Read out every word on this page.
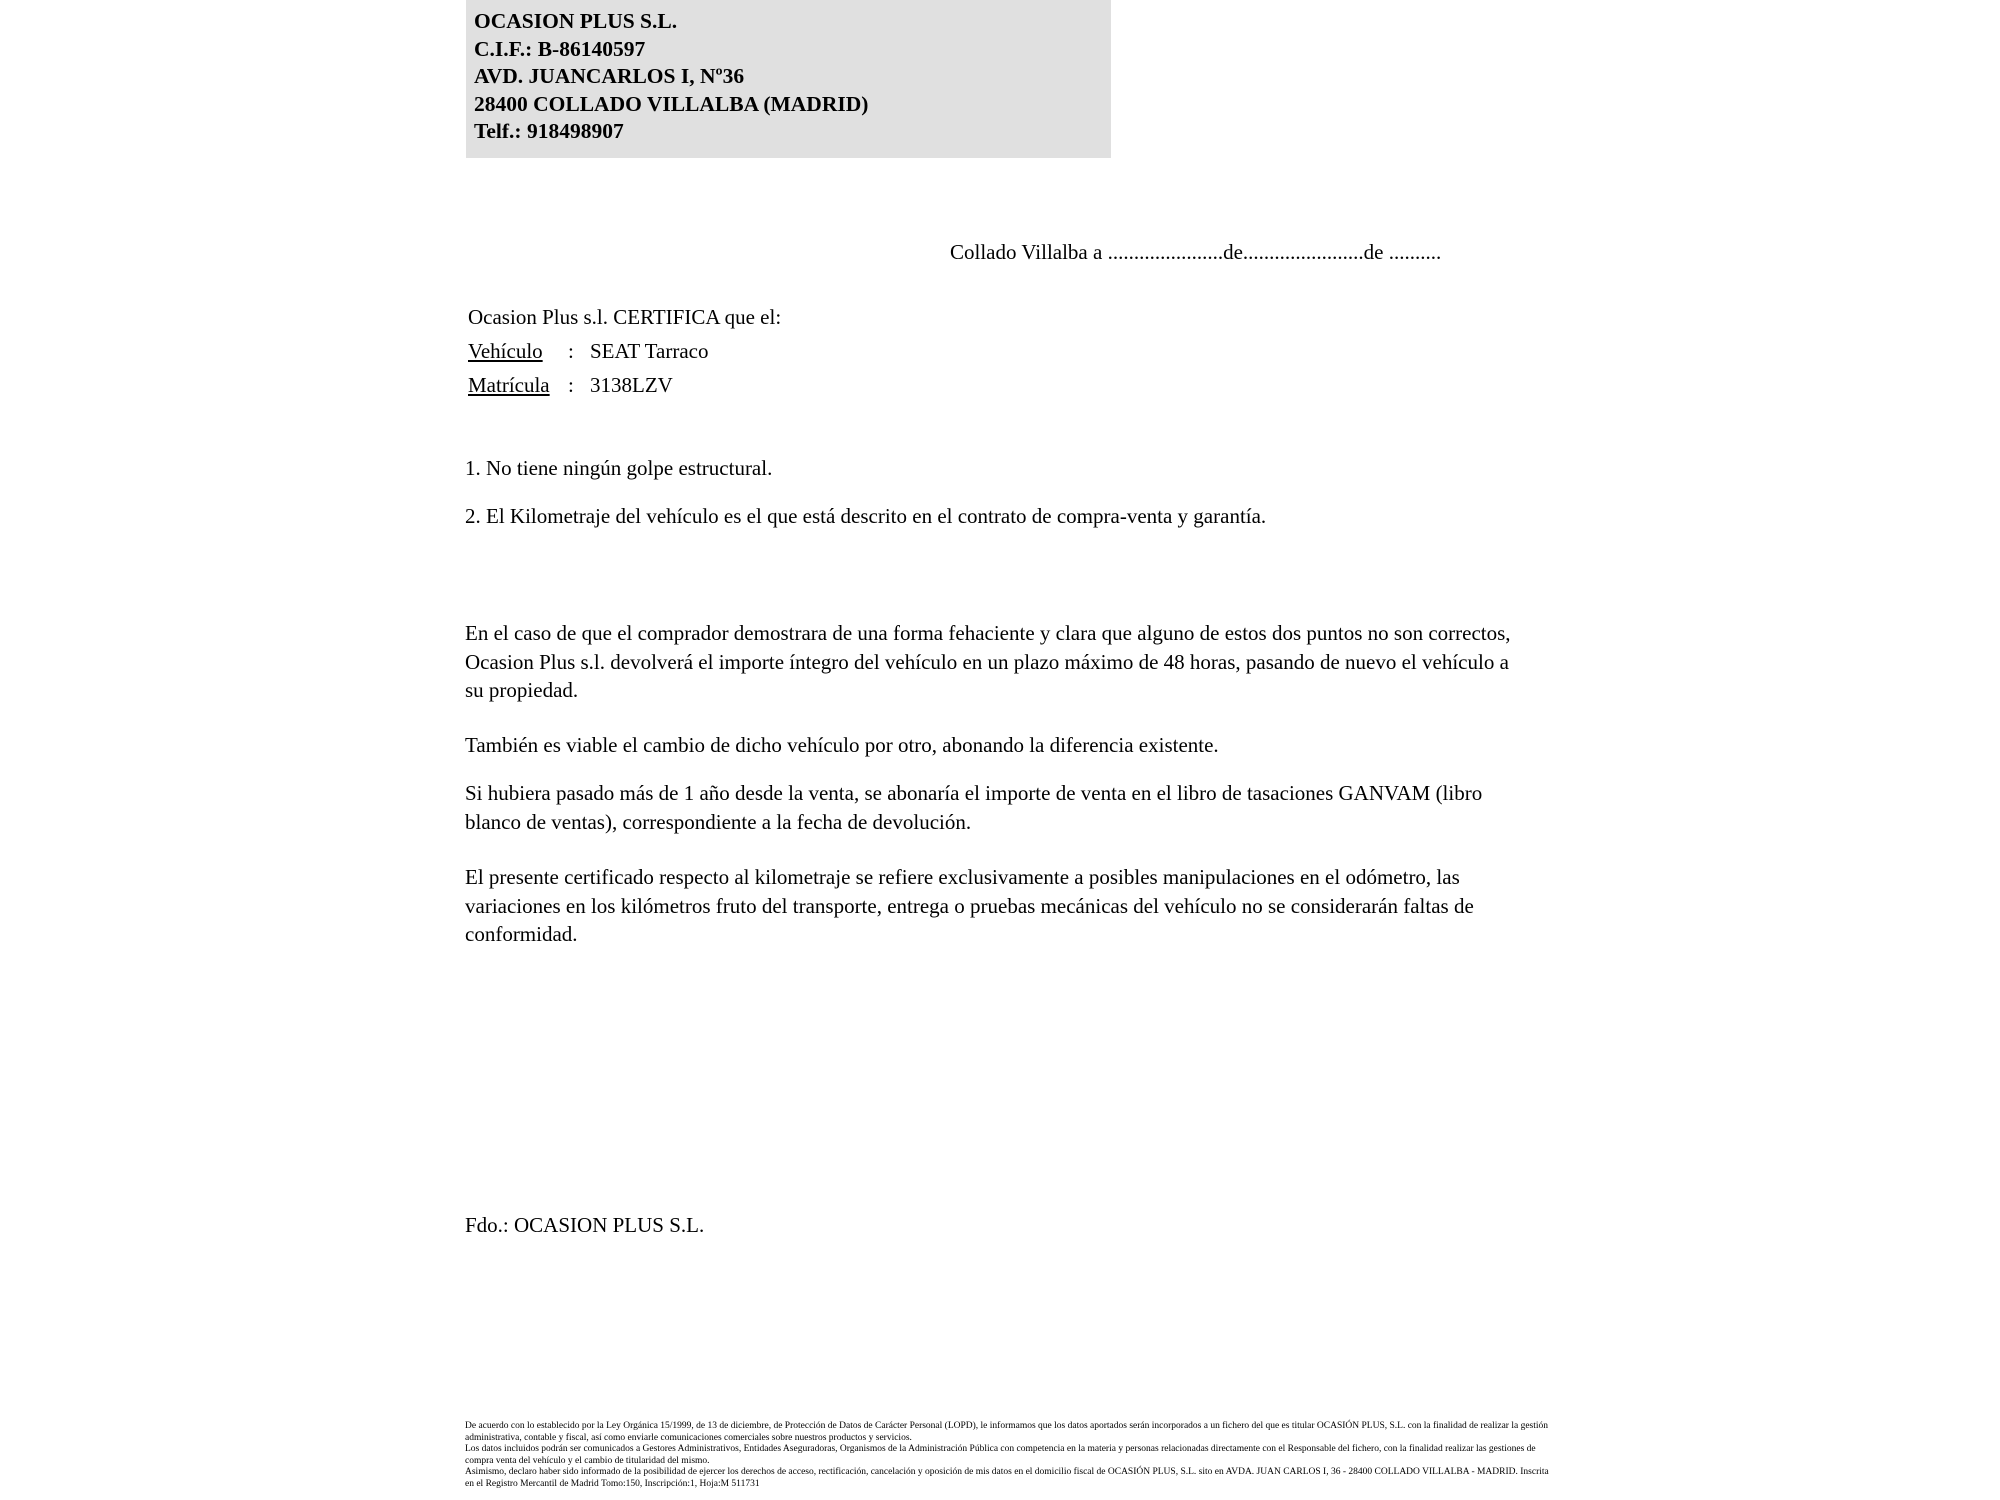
OCASION PLUS S.L.
C.I.F.: B-86140597
AVD. JUANCARLOS I, Nº36
28400 COLLADO VILLALBA (MADRID)
Telf.: 918498907
Collado Villalba a ......................de.......................de ..........
Ocasion Plus s.l. CERTIFICA que el:
Vehículo	: SEAT Tarraco
Matrícula : 3138LZV
1. No tiene ningún golpe estructural.
2. El Kilometraje del vehículo es el que está descrito en el contrato de compra-venta y garantía.
En el caso de que el comprador demostrara de una forma fehaciente y clara que alguno de estos dos puntos no son correctos, Ocasion Plus s.l. devolverá el importe íntegro del vehículo en un plazo máximo de 48 horas, pasando de nuevo el vehículo a su propiedad.
También es viable el cambio de dicho vehículo por otro, abonando la diferencia existente.
Si hubiera pasado más de 1 año desde la venta, se abonaría el importe de venta en el libro de tasaciones GANVAM (libro blanco de ventas), correspondiente a la fecha de devolución.
El presente certificado respecto al kilometraje se refiere exclusivamente a posibles manipulaciones en el odómetro, las variaciones en los kilómetros fruto del transporte, entrega o pruebas mecánicas del vehículo no se considerarán faltas de conformidad.
Fdo.: OCASION PLUS S.L.

De acuerdo con lo establecido por la Ley Orgánica 15/1999, de 13 de diciembre, de Protección de Datos de Carácter Personal (LOPD), le informamos que los datos aportados serán incorporados a un fichero del que es titular OCASIÓN PLUS, S.L. con la finalidad de realizar la gestión administrativa, contable y fiscal, así como enviarle comunicaciones comerciales sobre nuestros productos y servicios.

Los datos incluidos podrán ser comunicados a Gestores Administrativos, Entidades Aseguradoras, Organismos de la Administración Pública con competencia en la materia y personas relacionadas directamente con el Responsable del fichero, con la finalidad realizar las gestiones de compra venta del vehículo y el cambio de titularidad del mismo.

Asimismo, declaro haber sido informado de la posibilidad de ejercer los derechos de acceso, rectificación, cancelación y oposición de mis datos en el domicilio fiscal de OCASIÓN PLUS, S.L. sito en AVDA. JUAN CARLOS I, 36 - 28400 COLLADO VILLALBA - MADRID. Inscrita en el Registro Mercantil de Madrid Tomo:150, Inscripción:1, Hoja:M 511731
